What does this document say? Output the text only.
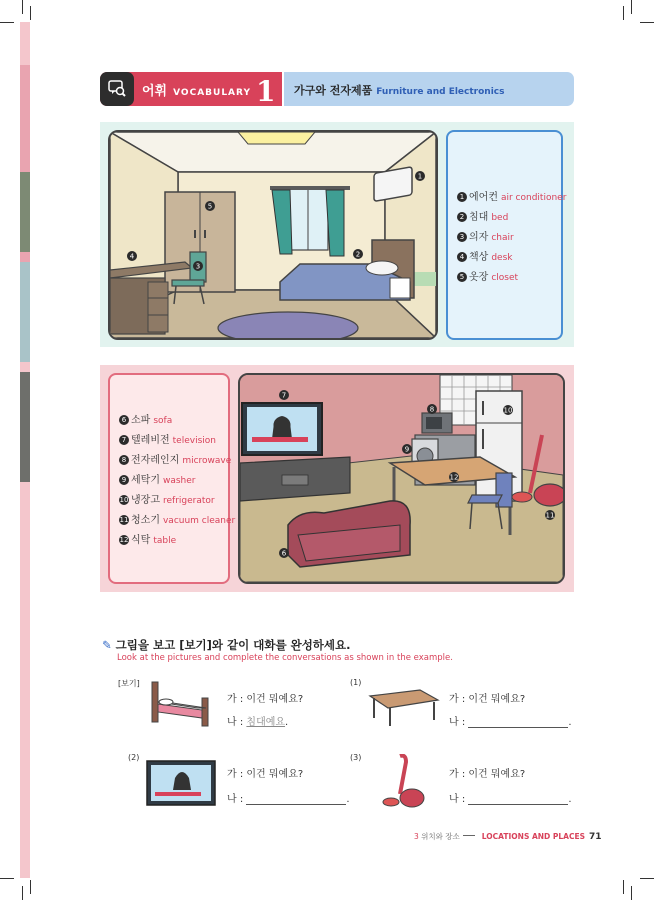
어휘 VOCABULARY 1	가구와 전자제품 Furniture and Electronics
1
2
3
4
5
1 에어컨 air conditioner
2 침대 bed
3 의자 chair
4 책상 desk
5 옷장 closet
6 소파 sofa
7 텔레비전 television
8 전자레인지 microwave
9 세탁기 washer
10 냉장고 refrigerator
11 청소기 vacuum cleaner
12 식탁 table
7
8
9
10
11
12
6
✎ 그림을 보고 [보기]와 같이 대화를 완성하세요.
Look at the pictures and complete the conversations as shown in the example.
[보기]
가 : 이건 뭐예요?
나 : 침대예요.
(1)
가 : 이건 뭐예요?
나 :	.
(2)
가 : 이건 뭐예요?
나 :	.
(3)
가 : 이건 뭐예요?
나 :	.
3 위치와 장소	LOCATIONS AND PLACES 71
